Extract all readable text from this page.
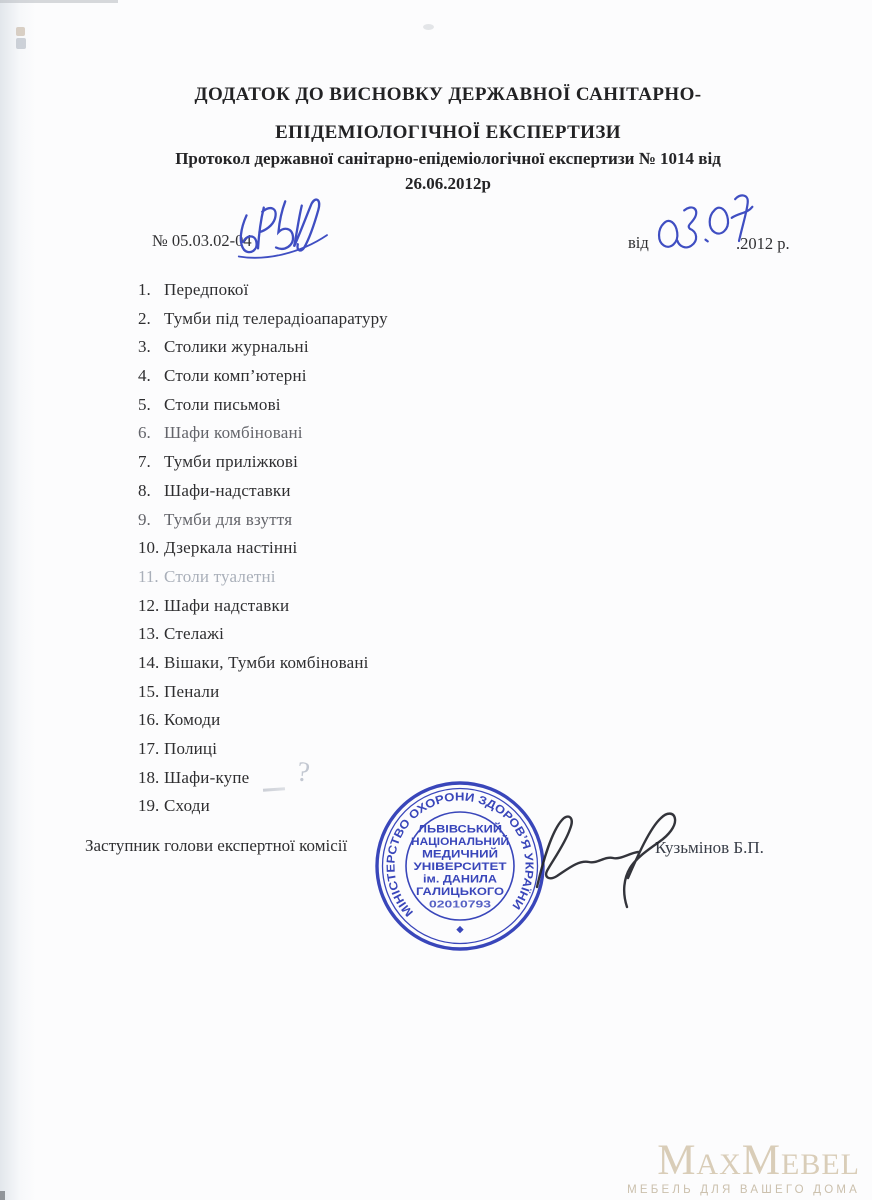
ДОДАТОК ДО ВИСНОВКУ ДЕРЖАВНОЇ САНІТАРНО-
ЕПІДЕМІОЛОГІЧНОЇ ЕКСПЕРТИЗИ
Протокол державної санітарно-епідеміологічної експертизи № 1014 від
26.06.2012р
№ 05.03.02-04	від	.2012 р.
1. Передпокої
2. Тумби під телерадіоапаратуру
3. Столики журнальні
4. Столи комп’ютерні
5. Столи письмові
6. Шафи комбіновані
7. Тумби приліжкові
8. Шафи-надставки
9. Тумби для взуття
10. Дзеркала настінні
11. Столи туалетні
12. Шафи надставки
13. Стелажі
14. Вішаки, Тумби комбіновані
15. Пенали
16. Комоди
17. Полиці
18. Шафи-купе
19. Сходи
?
Заступник голови експертної комісії	Кузьмінов Б.П.
МІНІСТЕРСТВО ОХОРОНИ ЗДОРОВ’Я УКРАЇНИ
ЛЬВІВСЬКИЙ
НАЦІОНАЛЬНИЙ
МЕДИЧНИЙ
УНІВЕРСИТЕТ
ім. ДАНИЛА
ГАЛИЦЬКОГО
02010793
MaxMebel
МЕБЕЛЬ ДЛЯ ВАШЕГО ДОМА
